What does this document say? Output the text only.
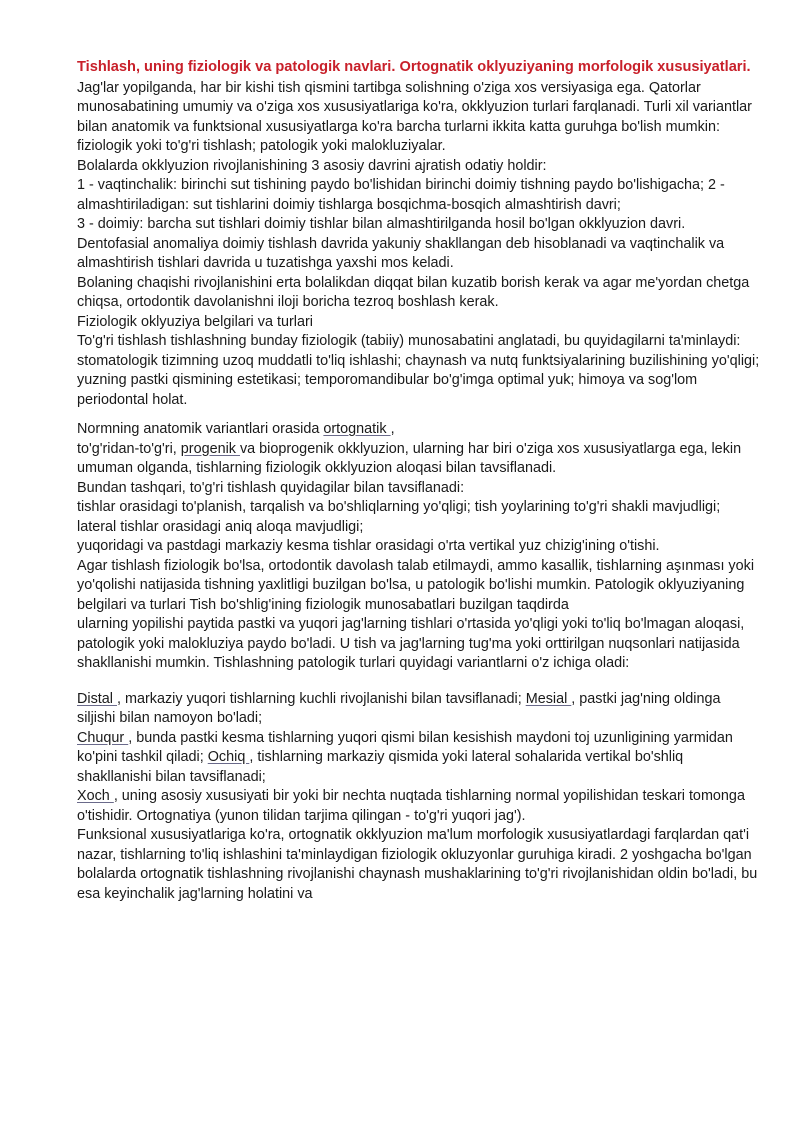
Tishlash, uning fiziologik va patologik navlari. Ortognatik oklyuziyaning morfologik xususiyatlari.
Jag'lar yopilganda, har bir kishi tish qismini tartibga solishning o'ziga xos versiyasiga ega. Qatorlar munosabatining umumiy va o'ziga xos xususiyatlariga ko'ra, okklyuzion turlari farqlanadi. Turli xil variantlar bilan anatomik va funktsional xususiyatlarga ko'ra barcha turlarni ikkita katta guruhga bo'lish mumkin:
fiziologik yoki to'g'ri tishlash; patologik yoki malokluziyalar.
Bolalarda okklyuzion rivojlanishining 3 asosiy davrini ajratish odatiy holdir:
1 - vaqtinchalik: birinchi sut tishining paydo bo'lishidan birinchi doimiy tishning paydo bo'lishigacha; 2 - almashtiriladigan: sut tishlarini doimiy tishlarga bosqichma-bosqich almashtirish davri;
3 - doimiy: barcha sut tishlari doimiy tishlar bilan almashtirilganda hosil bo'lgan okklyuzion davri.
Dentofasial anomaliya doimiy tishlash davrida yakuniy shakllangan deb hisoblanadi va vaqtinchalik va almashtirish tishlari davrida u tuzatishga yaxshi mos keladi.
Bolaning chaqishi rivojlanishini erta bolalikdan diqqat bilan kuzatib borish kerak va agar me'yordan chetga chiqsa, ortodontik davolanishni iloji boricha tezroq boshlash kerak.
Fiziologik oklyuziya belgilari va turlari
To'g'ri tishlash tishlashning bunday fiziologik (tabiiy) munosabatini anglatadi, bu quyidagilarni ta'minlaydi:
stomatologik tizimning uzoq muddatli to'liq ishlashi; chaynash va nutq funktsiyalarining buzilishining yo'qligi; yuzning pastki qismining estetikasi; temporomandibular bo'g'imga optimal yuk; himoya va sog'lom periodontal holat.
Normning anatomik variantlari orasida ortognatik ,
to'g'ridan-to'g'ri, progenik va bioprogenik okklyuzion, ularning har biri o'ziga xos xususiyatlarga ega, lekin umuman olganda, tishlarning fiziologik okklyuzion aloqasi bilan tavsiflanadi.
Bundan tashqari, to'g'ri tishlash quyidagilar bilan tavsiflanadi:
tishlar orasidagi to'planish, tarqalish va bo'shliqlarning yo'qligi; tish yoylarining to'g'ri shakli mavjudligi; lateral tishlar orasidagi aniq aloqa mavjudligi;
yuqoridagi va pastdagi markaziy kesma tishlar orasidagi o'rta vertikal yuz chizig'ining o'tishi.
Agar tishlash fiziologik bo'lsa, ortodontik davolash talab etilmaydi, ammo kasallik, tishlarning aşınması yoki yo'qolishi natijasida tishning yaxlitligi buzilgan bo'lsa, u patologik bo'lishi mumkin. Patologik oklyuziyaning belgilari va turlari Tish bo'shlig'ining fiziologik munosabatlari buzilgan taqdirda
ularning yopilishi paytida pastki va yuqori jag'larning tishlari o'rtasida yo'qligi yoki to'liq bo'lmagan aloqasi, patologik yoki malokluziya paydo bo'ladi. U tish va jag'larning tug'ma yoki orttirilgan nuqsonlari natijasida shakllanishi mumkin. Tishlashning patologik turlari quyidagi variantlarni o'z ichiga oladi:
Distal , markaziy yuqori tishlarning kuchli rivojlanishi bilan tavsiflanadi; Mesial , pastki jag'ning oldinga siljishi bilan namoyon bo'ladi;
Chuqur , bunda pastki kesma tishlarning yuqori qismi bilan kesishish maydoni toj uzunligining yarmidan ko'pini tashkil qiladi; Ochiq , tishlarning markaziy qismida yoki lateral sohalarida vertikal bo'shliq shakllanishi bilan tavsiflanadi;
Xoch , uning asosiy xususiyati bir yoki bir nechta nuqtada tishlarning normal yopilishidan teskari tomonga o'tishidir. Ortognatiya (yunon tilidan tarjima qilingan - to'g'ri yuqori jag').
Funksional xususiyatlariga ko'ra, ortognatik okklyuzion ma'lum morfologik xususiyatlardagi farqlardan qat'i nazar, tishlarning to'liq ishlashini ta'minlaydigan fiziologik okluzyonlar guruhiga kiradi. 2 yoshgacha bo'lgan bolalarda ortognatik tishlashning rivojlanishi chaynash mushaklarining to'g'ri rivojlanishidan oldin bo'ladi, bu esa keyinchalik jag'larning holatini va
